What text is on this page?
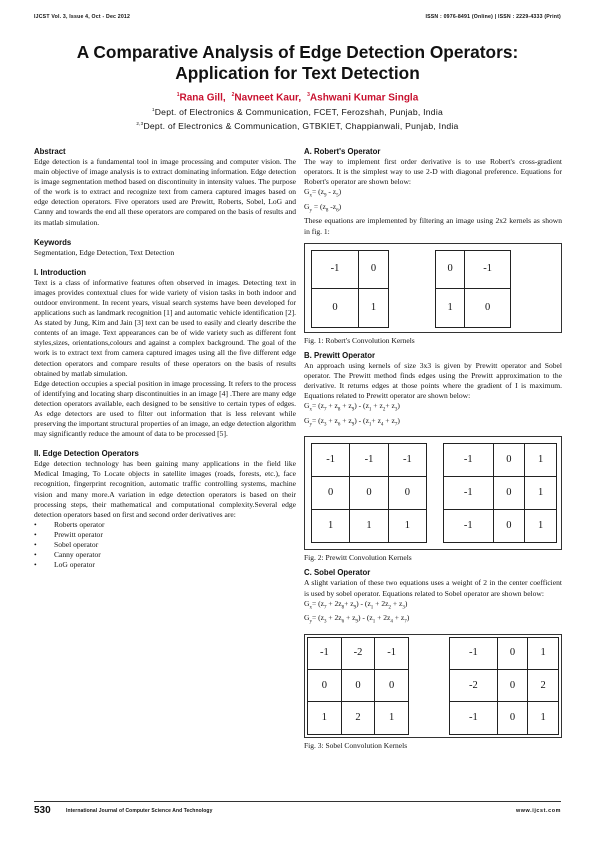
IJCST Vol. 3, Issue 4, Oct - Dec 2012	ISSN : 0976-8491 (Online) | ISSN : 2229-4333 (Print)
A Comparative Analysis of Edge Detection Operators:
Application for Text Detection
$^1$Rana Gill, $^2$Navneet Kaur, $^3$Ashwani Kumar Singla
$^1$Dept. of Electronics & Communication, FCET, Ferozshah, Punjab, India
$^{2,3}$Dept. of Electronics & Communication, GTBKIET, Chappianwali, Punjab, India
Abstract

Edge detection is a fundamental tool in image processing and computer vision. The main objective of image analysis is to extract dominating information. Edge detection is image segmentation method based on discontinuity in intensity values. The purpose of the work is to extract and recognize text from camera captured images based on edge detection operators. Five operators used are Prewitt, Roberts, Sobel, LoG and Canny and towards the end all these operators are compared on the basis of results and its matlab simulation.

Keywords

Segmentation, Edge Detection, Text Detection

I. Introduction

Text is a class of informative features often observed in images. Detecting text in images provides contextual clues for wide variety of vision tasks in both indoor and outdoor environment. In recent years, visual search systems have been developed for applications such as landmark recognition [1] and automatic vehicle identification [2]. As stated by Jung, Kim and Jain [3] text can be used to easily and clearly describe the contents of an image. Text appearances can be of wide variety such as different font styles,sizes, orientations,colours and against a complex background. The goal of the work is to extract text from camera captured images using all the five different edge detection operators and compare results of these operators on the basis of results obtained by matlab simulation.

Edge detection occupies a special position in image processing. It refers to the process of identifying and locating sharp discontinuities in an image [4] .There are many edge detection operators available, each designed to be sensitive to certain types of edges. As edge detectors are used to filter out information that is less relevant while preserving the important structural properties of an image, an edge detection algorithm may significantly reduce the amount of data to be processed [5].

II. Edge Detection Operators

Edge detection technology has been gaining many applications in the field like Medical Imaging, To Locate objects in satellite images (roads, forests, etc.), face recognition, fingerprint recognition, automatic traffic controlling systems, machine vision and many more.A variation in edge detection operators is based on their processing steps, their mathematical and computational complexity.Several edge detection operators based on first and second order derivatives are:

• Roberts operator
• Prewitt operator
• Sobel operator
• Canny operator
• LoG operator
A. Robert's Operator

The way to implement first order derivative is to use Robert's cross-gradient operators. It is the simplest way to use 2-D with diagonal preference. Equations for Robert's operator are shown below:

$G_x= (z_9 - z_5)$
$G_y = (z_8$ $-z_6$)

These equations are implemented by filtering an image using 2x2 kernels as shown in fig. 1:

-1	0
0	1
0	-1
1	0
Fig. 1: Robert's Convolution Kernels
B. Prewitt Operator

An approach using kernels of size 3x3 is given by Prewitt operator and Sobel operator. The Prewitt method finds edges using the Prewitt approximation to the derivative. It returns edges at those points where the gradient of I is maximum. Equations related to Prewitt operator are shown below:

$G_x= (z_7 + z_8 + z_9) - (z_1 + z_2+ z_3)$
$G_y= (z_3 + z_6 + z_9) - (z_1+ z_4 + z_7)$
-1	-1	-1
0	0	0
1	1	1
-1	0	1
-1	0	1
-1	0	1
Fig. 2: Prewitt Convolution Kernels
C. Sobel Operator

A slight variation of these two equations uses a weight of 2 in the center coefficient is used by sobel operator. Equations related to Sobel operator are shown below:

$G_x= (z_7 + 2z_8+ z_9) - (z_1 + 2z_2 + z_3)$
$G_y= (z_3 + 2z_6 + z_9) - (z_1 + 2z_4 + z_7)$
-1	-2	-1
0	0	0
1	2	1
-1	0	1
-2	0	2
-1	0	1
Fig. 3: Sobel Convolution Kernels
530	International Journal of Computer Science And Technology	www.ijcst.com
